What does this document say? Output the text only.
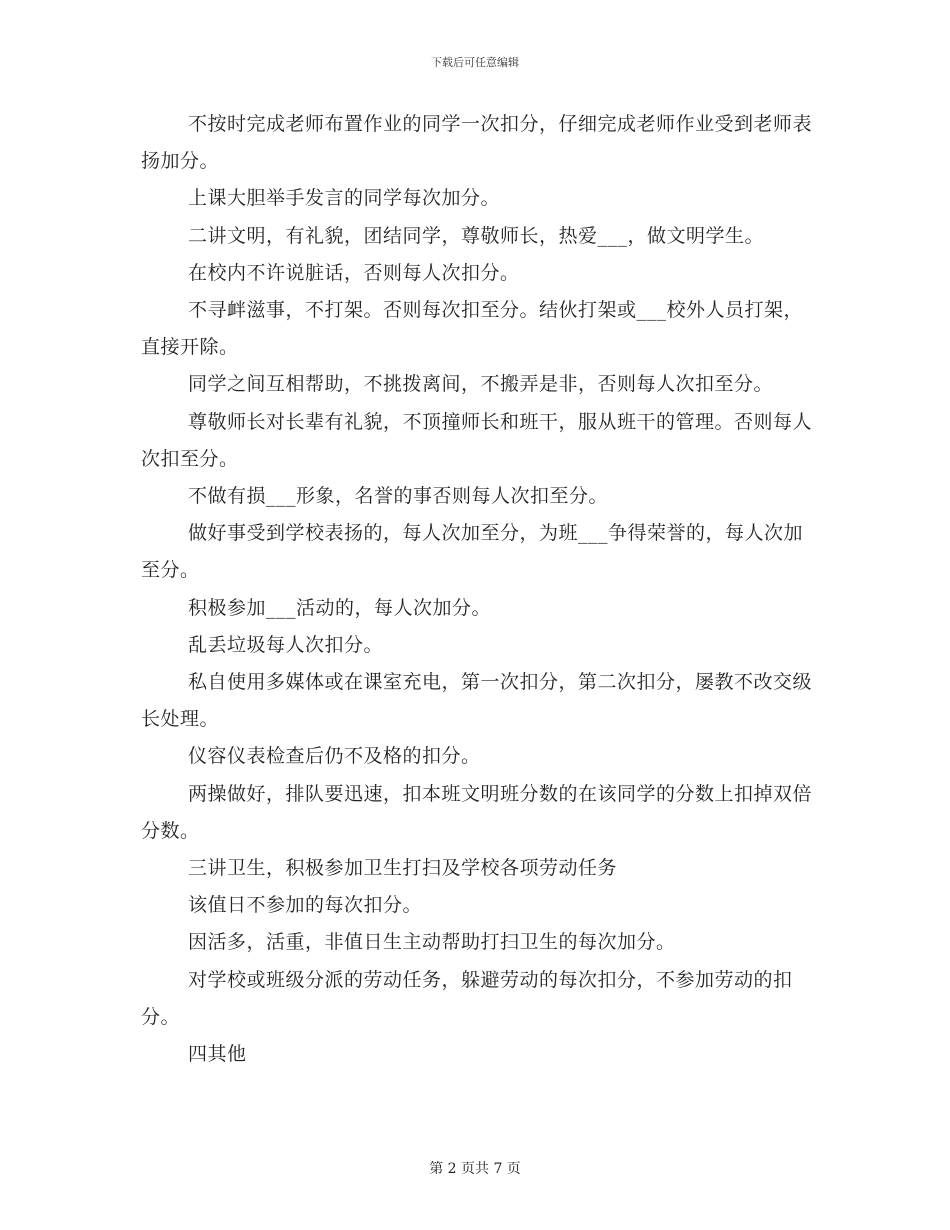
下载后可任意编辑

不按时完成老师布置作业的同学一次扣分，仔细完成老师作业受到老师表扬加分。

上课大胆举手发言的同学每次加分。

二讲文明，有礼貌，团结同学，尊敬师长，热爱___，做文明学生。

在校内不许说脏话，否则每人次扣分。

不寻衅滋事，不打架。否则每次扣至分。结伙打架或___校外人员打架，直接开除。

同学之间互相帮助，不挑拨离间，不搬弄是非，否则每人次扣至分。

尊敬师长对长辈有礼貌，不顶撞师长和班干，服从班干的管理。否则每人次扣至分。

不做有损___形象，名誉的事否则每人次扣至分。

做好事受到学校表扬的，每人次加至分，为班___争得荣誉的，每人次加至分。

积极参加___活动的，每人次加分。

乱丢垃圾每人次扣分。

私自使用多媒体或在课室充电，第一次扣分，第二次扣分，屡教不改交级长处理。

仪容仪表检查后仍不及格的扣分。

两操做好，排队要迅速，扣本班文明班分数的在该同学的分数上扣掉双倍分数。

三讲卫生，积极参加卫生打扫及学校各项劳动任务

该值日不参加的每次扣分。

因活多，活重，非值日生主动帮助打扫卫生的每次加分。

对学校或班级分派的劳动任务，躲避劳动的每次扣分，不参加劳动的扣分。

四其他

第 2 页共 7 页
